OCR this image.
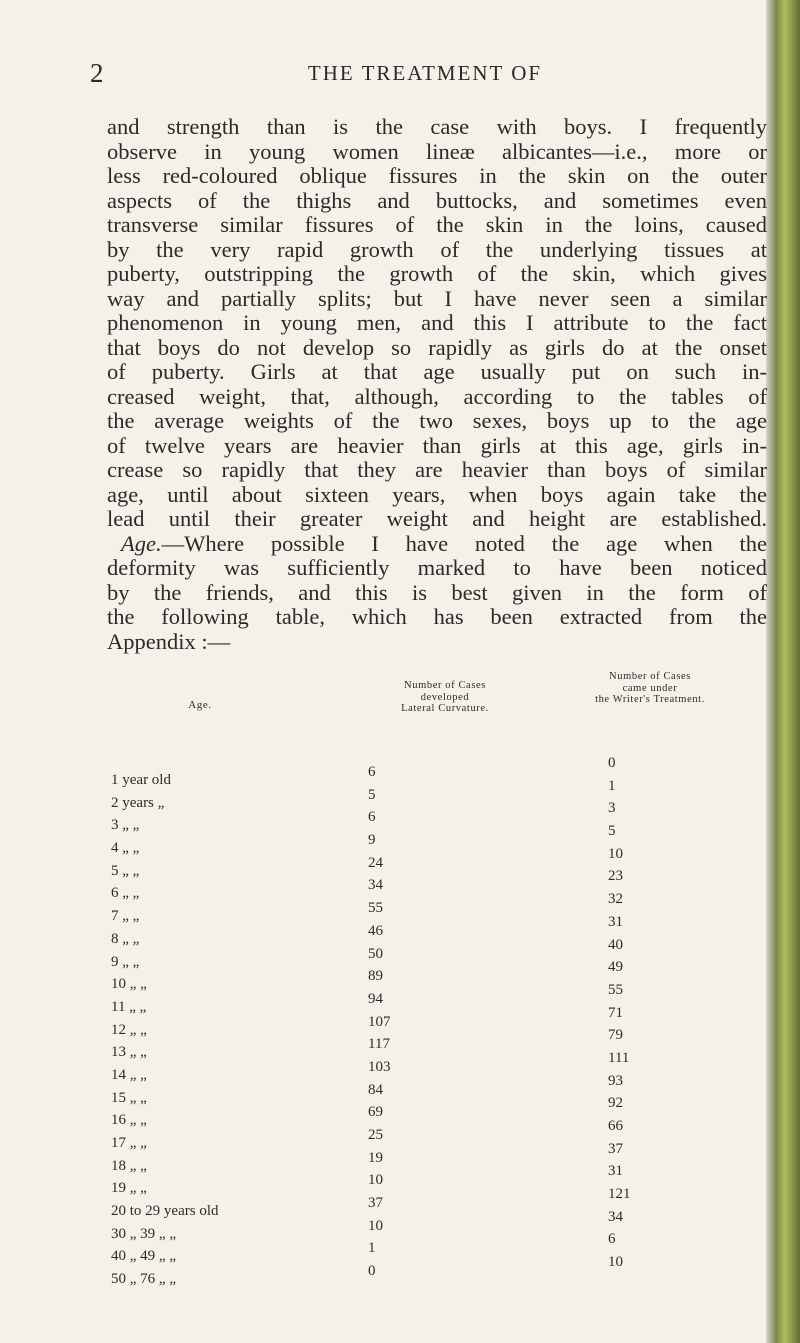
2	THE TREATMENT OF
and strength than is the case with boys. I frequently
observe in young women lineæ albicantes—i.e., more or
less red-coloured oblique fissures in the skin on the outer
aspects of the thighs and buttocks, and sometimes even
transverse similar fissures of the skin in the loins, caused
by the very rapid growth of the underlying tissues at
puberty, outstripping the growth of the skin, which gives
way and partially splits; but I have never seen a similar
phenomenon in young men, and this I attribute to the fact
that boys do not develop so rapidly as girls do at the onset
of puberty. Girls at that age usually put on such in-
creased weight, that, although, according to the tables of
the average weights of the two sexes, boys up to the age
of twelve years are heavier than girls at this age, girls in-
crease so rapidly that they are heavier than boys of similar
age, until about sixteen years, when boys again take the
lead until their greater weight and height are established.
Age.—Where possible I have noted the age when the
deformity was sufficiently marked to have been noticed
by the friends, and this is best given in the form of
the following table, which has been extracted from the
Appendix :—
Age.
Number of Cases
developed
Lateral Curvature.
Number of Cases
came under
the Writer's Treatment.
1 year old
2 years „
3 „ „
4 „ „
5 „ „
6 „ „
7 „ „
8 „ „
9 „ „
10 „ „
11 „ „
12 „ „
13 „ „
14 „ „
15 „ „
16 „ „
17 „ „
18 „ „
19 „ „
20 to 29 years old
30 „ 39 „ „
40 „ 49 „ „
50 „ 76 „ „
6
5
6
9
24
34
55
46
50
89
94
107
117
103
84
69
25
19
10
37
10
1
0
0
1
3
5
10
23
32
31
40
49
55
71
79
111
93
92
66
37
31
121
34
6
10
